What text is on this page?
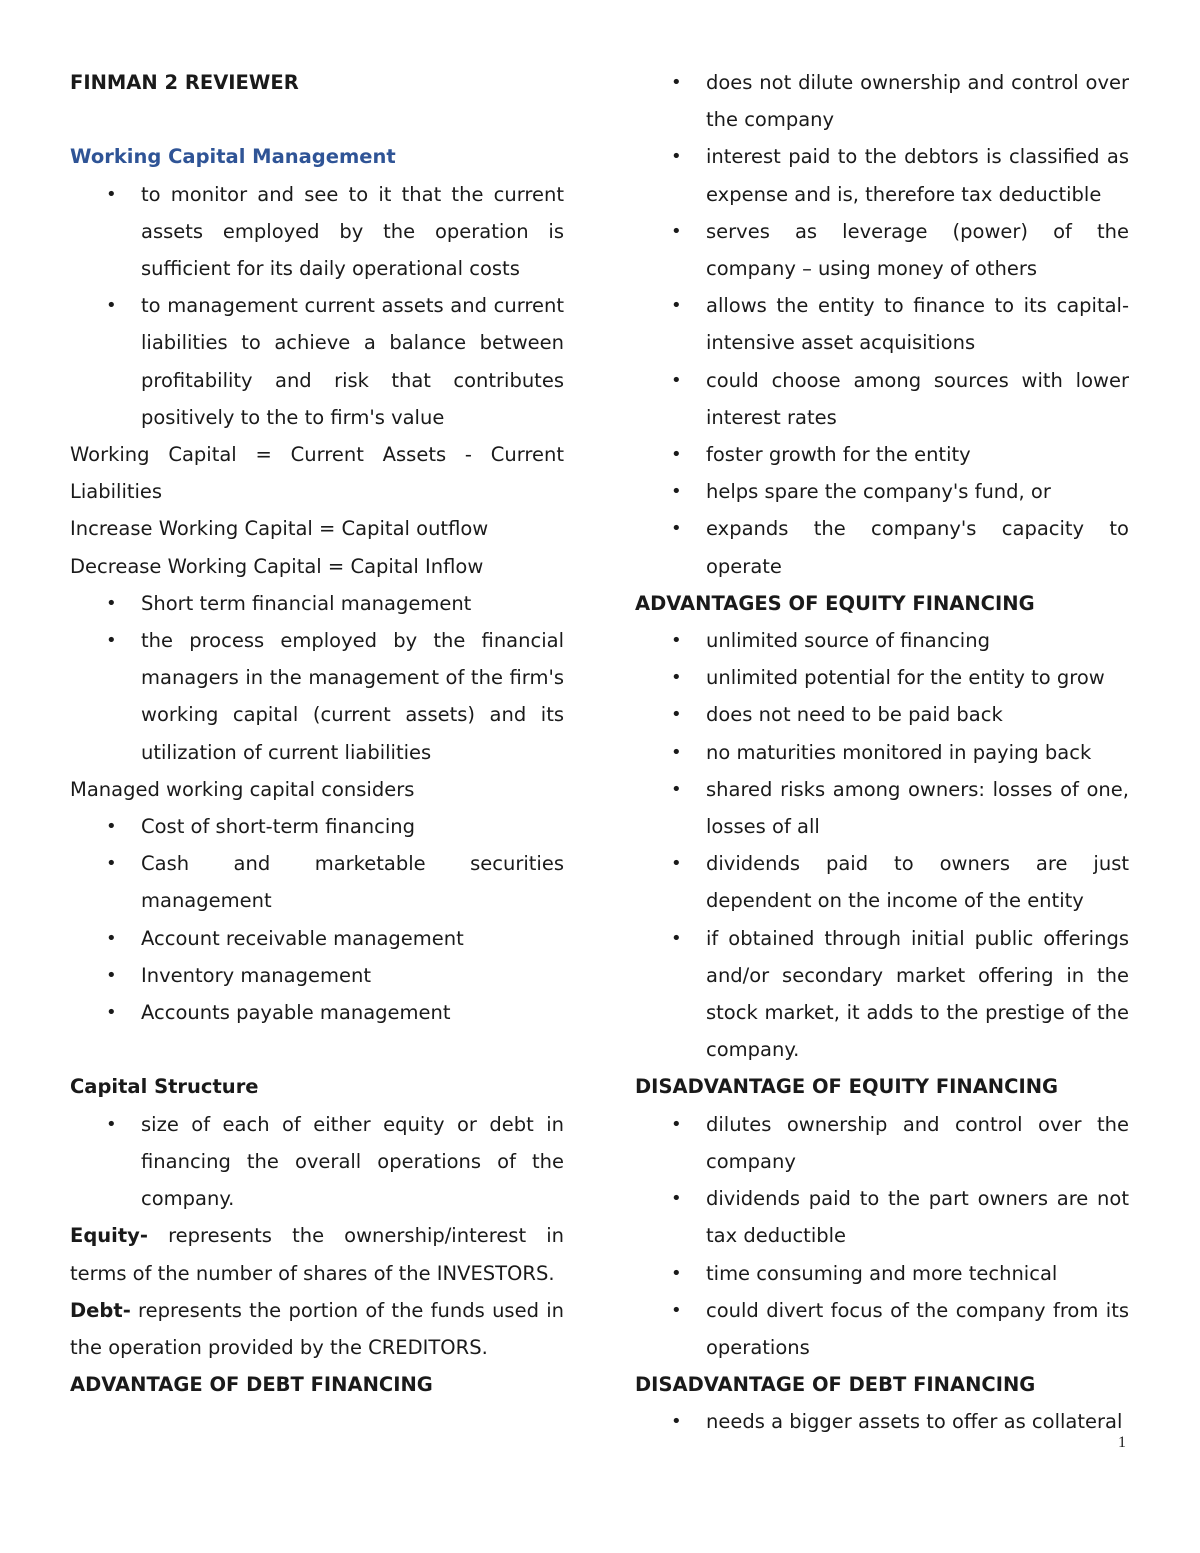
FINMAN 2 REVIEWER

Working Capital Management

• to monitor and see to it that the current assets employed by the operation is sufficient for its daily operational costs
• to management current assets and current liabilities to achieve a balance between profitability and risk that contributes positively to the to firm's value

Working Capital = Current Assets - Current Liabilities

Increase Working Capital = Capital outflow

Decrease Working Capital = Capital Inflow

• Short term financial management
• the process employed by the financial managers in the management of the firm's working capital (current assets) and its utilization of current liabilities

Managed working capital considers

• Cost of short-term financing
• Cash and marketable securities management
• Account receivable management
• Inventory management
• Accounts payable management

Capital Structure

• size of each of either equity or debt in financing the overall operations of the company.

Equity- represents the ownership/interest in terms of the number of shares of the INVESTORS.

Debt- represents the portion of the funds used in the operation provided by the CREDITORS.

ADVANTAGE OF DEBT FINANCING

• does not dilute ownership and control over the company
• interest paid to the debtors is classified as expense and is, therefore tax deductible
• serves as leverage (power) of the company – using money of others
• allows the entity to finance to its capital-intensive asset acquisitions
• could choose among sources with lower interest rates
• foster growth for the entity
• helps spare the company's fund, or
• expands the company's capacity to operate

ADVANTAGES OF EQUITY FINANCING

• unlimited source of financing
• unlimited potential for the entity to grow
• does not need to be paid back
• no maturities monitored in paying back
• shared risks among owners: losses of one, losses of all
• dividends paid to owners are just dependent on the income of the entity
• if obtained through initial public offerings and/or secondary market offering in the stock market, it adds to the prestige of the company.

DISADVANTAGE OF EQUITY FINANCING

• dilutes ownership and control over the company
• dividends paid to the part owners are not tax deductible
• time consuming and more technical
• could divert focus of the company from its operations

DISADVANTAGE OF DEBT FINANCING

• needs a bigger assets to offer as collateral
1
